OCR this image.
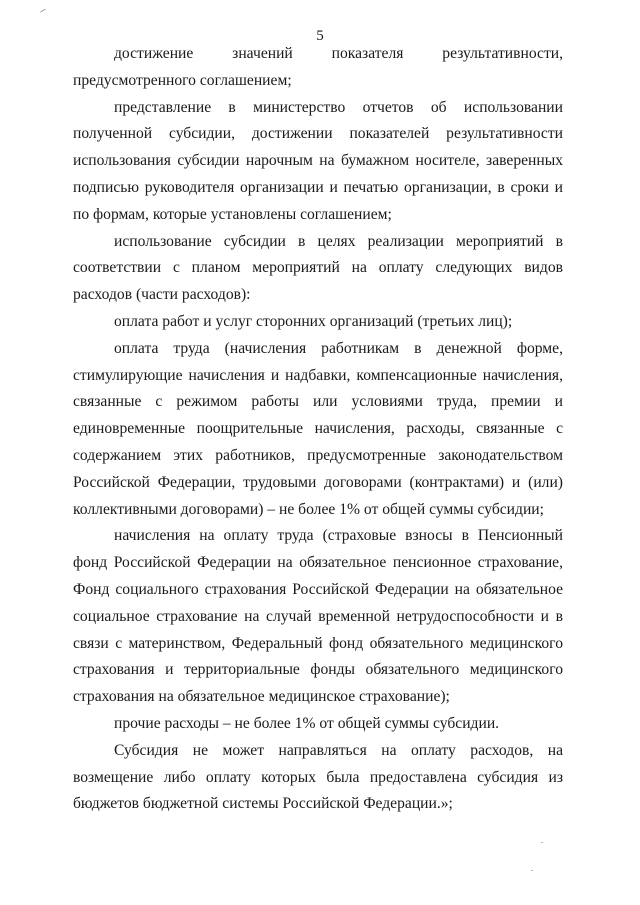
5

достижение значений показателя результативности, предусмотренного соглашением;

представление в министерство отчетов об использовании полученной субсидии, достижении показателей результативности использования субсидии нарочным на бумажном носителе, заверенных подписью руководителя организации и печатью организации, в сроки и по формам, которые установлены соглашением;

использование субсидии в целях реализации мероприятий в соответствии с планом мероприятий на оплату следующих видов расходов (части расходов):

оплата работ и услуг сторонних организаций (третьих лиц);

оплата труда (начисления работникам в денежной форме, стимулирующие начисления и надбавки, компенсационные начисления, связанные с режимом работы или условиями труда, премии и единовременные поощрительные начисления, расходы, связанные с содержанием этих работников, предусмотренные законодательством Российской Федерации, трудовыми договорами (контрактами) и (или) коллективными договорами) – не более 1% от общей суммы субсидии;

начисления на оплату труда (страховые взносы в Пенсионный фонд Российской Федерации на обязательное пенсионное страхование, Фонд социального страхования Российской Федерации на обязательное социальное страхование на случай временной нетрудоспособности и в связи с материнством, Федеральный фонд обязательного медицинского страхования и территориальные фонды обязательного медицинского страхования на обязательное медицинское страхование);

прочие расходы – не более 1% от общей суммы субсидии.

Субсидия не может направляться на оплату расходов, на возмещение либо оплату которых была предоставлена субсидия из бюджетов бюджетной системы Российской Федерации.»;
